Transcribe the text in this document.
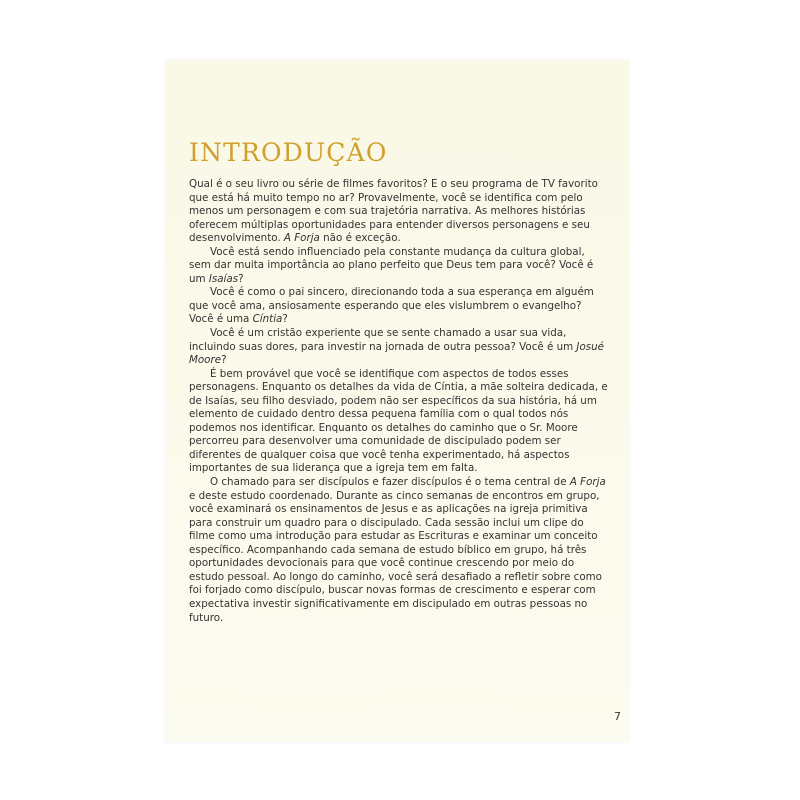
INTRODUÇÃO

Qual é o seu livro ou série de filmes favoritos? E o seu programa de TV favorito que está há muito tempo no ar? Provavelmente, você se identifica com pelo menos um personagem e com sua trajetória narrativa. As melhores histórias oferecem múltiplas oportunidades para entender diversos personagens e seu desenvolvimento. A Forja não é exceção.

Você está sendo influenciado pela constante mudança da cultura global, sem dar muita importância ao plano perfeito que Deus tem para você? Você é um Isaías?

Você é como o pai sincero, direcionando toda a sua esperança em alguém que você ama, ansiosamente esperando que eles vislumbrem o evangelho? Você é uma Cíntia?

Você é um cristão experiente que se sente chamado a usar sua vida, incluindo suas dores, para investir na jornada de outra pessoa? Você é um Josué Moore?

É bem provável que você se identifique com aspectos de todos esses personagens. Enquanto os detalhes da vida de Cíntia, a mãe solteira dedicada, e de Isaías, seu filho desviado, podem não ser específicos da sua história, há um elemento de cuidado dentro dessa pequena família com o qual todos nós podemos nos identificar. Enquanto os detalhes do caminho que o Sr. Moore percorreu para desenvolver uma comunidade de discipulado podem ser diferentes de qualquer coisa que você tenha experimentado, há aspectos importantes de sua liderança que a igreja tem em falta.

O chamado para ser discípulos e fazer discípulos é o tema central de A Forja e deste estudo coordenado. Durante as cinco semanas de encontros em grupo, você examinará os ensinamentos de Jesus e as aplicações na igreja primitiva para construir um quadro para o discipulado. Cada sessão inclui um clipe do filme como uma introdução para estudar as Escrituras e examinar um conceito específico. Acompanhando cada semana de estudo bíblico em grupo, há três oportunidades devocionais para que você continue crescendo por meio do estudo pessoal. Ao longo do caminho, você será desafiado a refletir sobre como foi forjado como discípulo, buscar novas formas de crescimento e esperar com expectativa investir significativamente em discipulado em outras pessoas no futuro.

7
